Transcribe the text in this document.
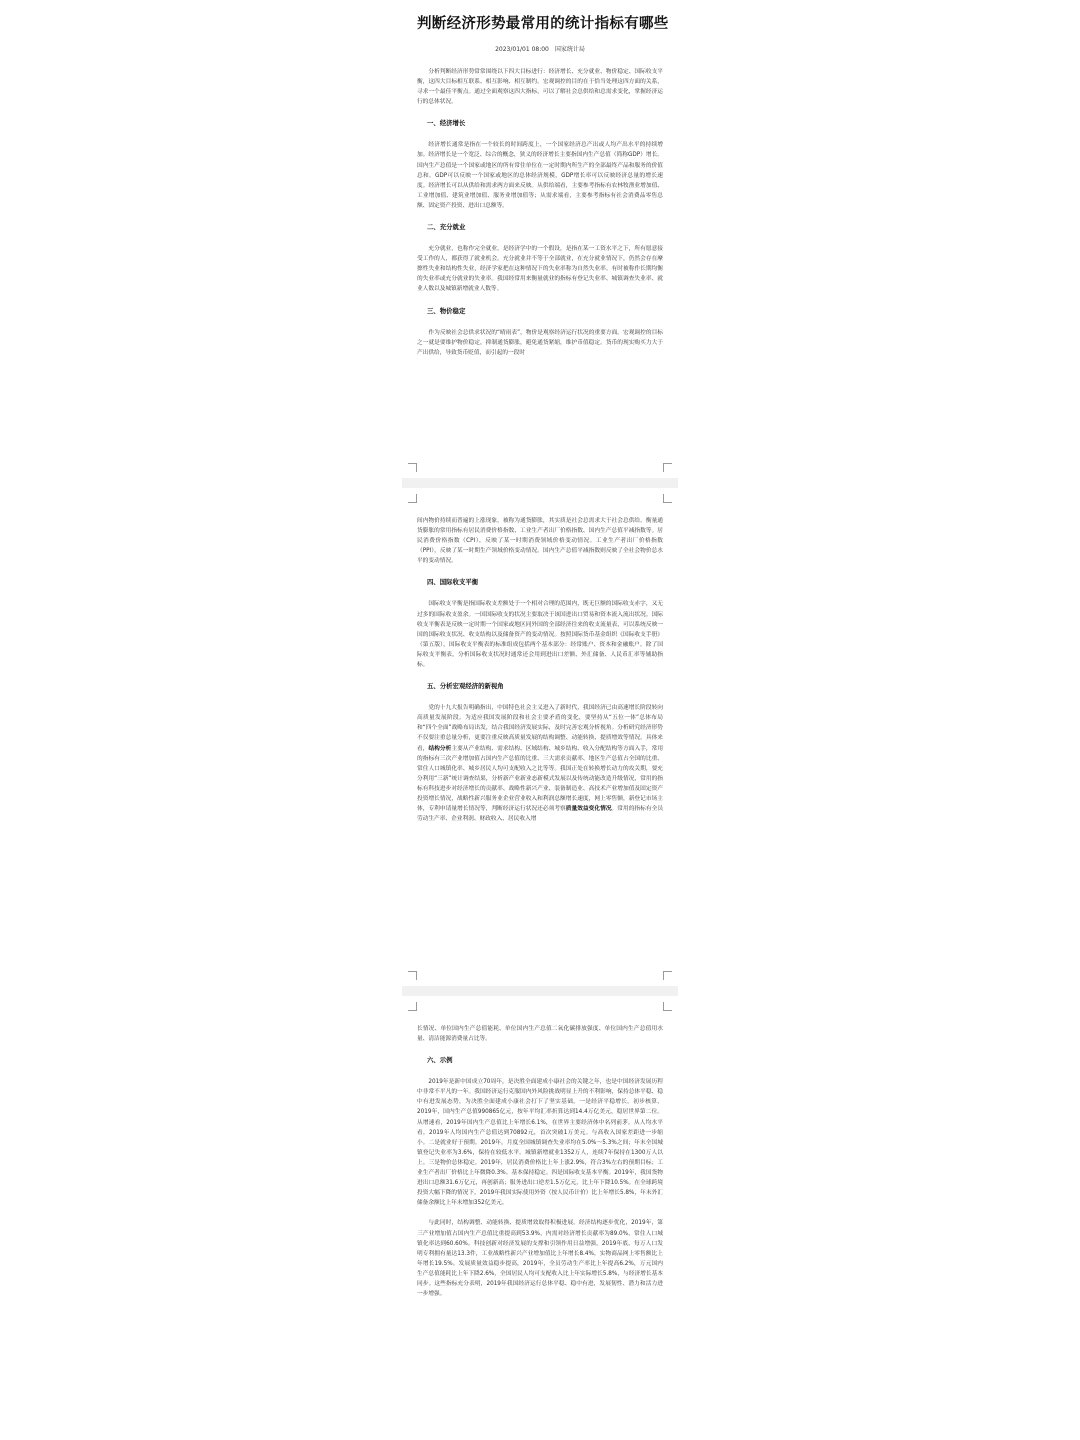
判断经济形势最常用的统计指标有哪些
2023/01/01 08:00 国家统计局

分析判断经济形势常常围绕以下四大目标进行：经济增长、充分就业、物价稳定、国际收支平衡，这四大目标相互联系、相互影响、相互制约。宏观调控的目的在于恰当处理这四方面的关系，寻求一个最佳平衡点。通过全面观察这四大指标，可以了解社会总供给和总需求变化，掌握经济运行的总体状况。

一、经济增长

经济增长通常是指在一个较长的时间跨度上，一个国家经济总产出或人均产出水平的持续增加。经济增长是一个宽泛、综合的概念，狭义的经济增长主要指国内生产总值（简称GDP）增长。国内生产总值是一个国家或地区的所有常住单位在一定时期内所生产的全部最终产品和服务的价值总和。GDP可以反映一个国家或地区的总体经济规模，GDP增长率可以反映经济总量的增长速度。经济增长可以从供给和需求两方面来反映。从供给端看，主要参考指标有农林牧渔业增加值、工业增加值、建筑业增加值、服务业增加值等；从需求端看，主要参考指标有社会消费品零售总额、固定资产投资、进出口总额等。

二、充分就业

充分就业，也称作完全就业，是经济学中的一个假设，是指在某一工资水平之下，所有愿意接受工作的人，都获得了就业机会。充分就业并不等于全部就业，在充分就业情况下，仍然会存在摩擦性失业和结构性失业，经济学家把在这种情况下的失业率称为自然失业率。有时被称作长期均衡的失业率或充分就业的失业率。我国经常用来衡量就业的指标有登记失业率、城镇调查失业率、就业人数以及城镇新增就业人数等。

三、物价稳定

作为反映社会总供求状况的“晴雨表”，物价是观察经济运行状况的重要方面。宏观调控的目标之一就是要维护物价稳定，抑制通货膨胀，避免通货紧缩，维护币值稳定。货币的现实购买力大于产出供给，导致货币贬值，而引起的一段时

间内物价持续而普遍的上涨现象，被称为通货膨胀，其实质是社会总需求大于社会总供给。衡量通货膨胀的常用指标有居民消费价格指数、工业生产者出厂价格指数、国内生产总值平减指数等。居民消费价格指数（CPI），反映了某一时期消费领域价格变动情况。工业生产者出厂价格指数（PPI），反映了某一时期生产领域价格变动情况。国内生产总值平减指数则反映了全社会物价总水平的变动情况。

四、国际收支平衡

国际收支平衡是指国际收支差额处于一个相对合理的范围内，既无巨额的国际收支赤字，又无过多的国际收支盈余。一国国际收支的状况主要取决于该国进出口贸易和资本流入流出状况。国际收支平衡表是反映一定时期一个国家或地区同外国的全部经济往来的收支流量表，可以系统反映一国的国际收支状况、收支结构以及储备资产的变动情况。按照国际货币基金组织《国际收支手册》（第五版），国际收支平衡表的标准组成包括两个基本部分：经常账户、资本和金融账户。除了国际收支平衡表，分析国际收支状况时通常还会用到进出口差额、外汇储备、人民币汇率等辅助指标。

五、分析宏观经济的新视角

党的十九大报告明确指出，中国特色社会主义进入了新时代，我国经济已由高速增长阶段转向高质量发展阶段。为适应我国发展阶段和社会主要矛盾的变化，要坚持从“五位一体”总体布局和“四个全面”战略布局出发，结合我国经济发展实际，及时完善宏观分析视角。分析研究经济形势不仅要注重总量分析，更要注重反映高质量发展的结构调整、动能转换、提质增效等情况。具体来看，结构分析主要从产业结构、需求结构、区域结构、城乡结构、收入分配结构等方面入手，常用的指标有三次产业增加值占国内生产总值的比重、三大需求贡献率、地区生产总值占全国的比重、常住人口城镇化率、城乡居民人均可支配收入之比等等。我国正处在转换增长动力的攻关期，要充分利用“三新”统计调查结果，分析新产业新业态新模式发展以及传统动能改造升级情况，常用的指标有科技进步对经济增长的贡献率、战略性新兴产业、装备制造业、高技术产业增加值及固定资产投资增长情况，战略性新兴服务业企业营业收入和利润总额增长速度，网上零售额，新登记市场主体，专利申请量增长情况等，判断经济运行状况还必须考察质量效益变化情况。常用的指标有全员劳动生产率、企业利润、财政收入、居民收入增

长情况、单位国内生产总值能耗、单位国内生产总值二氧化碳排放强度、单位国内生产总值用水量、清洁能源消费量占比等。

六、示例

2019年是新中国成立70周年，是决胜全面建成小康社会的关键之年，也是中国经济发展历程中非常不平凡的一年。我国经济运行克服国内外风险挑战明显上升的不利影响，保持总体平稳、稳中有进发展态势，为决胜全面建成小康社会打下了坚实基础。一是经济平稳增长。初步核算，2019年，国内生产总值990865亿元，按年平均汇率折算达到14.4万亿美元，稳居世界第二位。从增速看，2019年国内生产总值比上年增长6.1%，在世界主要经济体中名列前茅。从人均水平看，2019年人均国内生产总值达到70892元，首次突破1万美元。与高收入国家差距进一步缩小。二是就业好于预期。2019年，月度全国城镇调查失业率均在5.0%～5.3%之间；年末全国城镇登记失业率为3.6%，保持在较低水平。城镇新增就业1352万人，连续7年保持在1300万人以上。三是物价总体稳定。2019年，居民消费价格比上年上涨2.9%，符合3%左右的预期目标；工业生产者出厂价格比上年微降0.3%。基本保持稳定。四是国际收支基本平衡。2019年，我国货物进出口总额31.6万亿元，再创新高；服务进出口逆差1.5万亿元，比上年下降10.5%。在全球跨境投资大幅下降的情况下，2019年我国实际使用外资（按人民币计价）比上年增长5.8%，年末外汇储备余额比上年末增加352亿美元。

与此同时，结构调整、动能转换、提质增效取得积极进展。经济结构逐步优化，2019年，第三产业增加值占国内生产总值比重提高到53.9%，内需对经济增长贡献率为89.0%，常住人口城镇化率达到60.60%。科技创新对经济发展的支撑和引领作用日益增强，2019年底，每万人口发明专利拥有量达13.3件，工业战略性新兴产业增加值比上年增长8.4%，实物商品网上零售额比上年增长19.5%。发展质量效益稳步提高，2019年，全员劳动生产率比上年提高6.2%，万元国内生产总值能耗比上年下降2.6%，全国居民人均可支配收入比上年实际增长5.8%，与经济增长基本同步。这些指标充分表明，2019年我国经济运行总体平稳、稳中有进，发展韧性、潜力和活力进一步增强。
